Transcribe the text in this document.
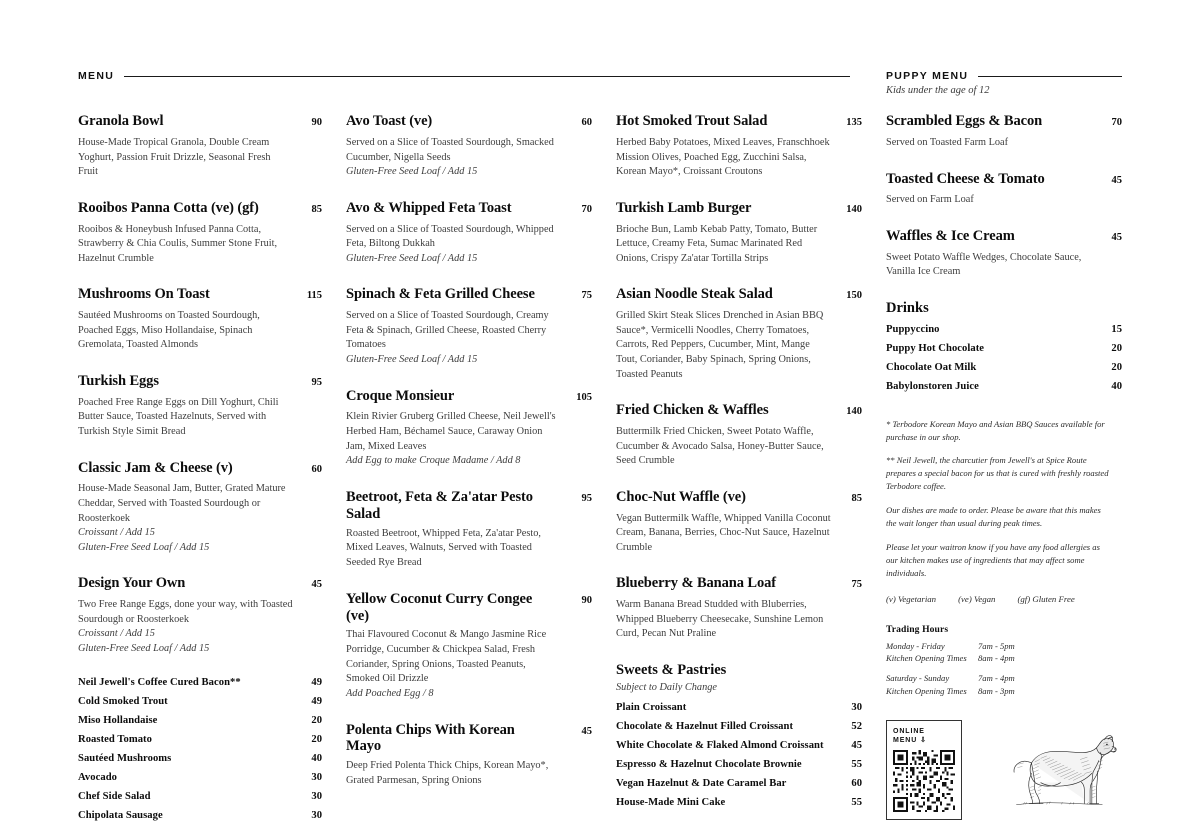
MENU	PUPPY MENU
Kids under the age of 12
Granola Bowl	90
House-Made Tropical Granola, Double Cream Yoghurt, Passion Fruit Drizzle, Seasonal Fresh Fruit
Rooibos Panna Cotta (ve) (gf)	85
Rooibos & Honeybush Infused Panna Cotta, Strawberry & Chia Coulis, Summer Stone Fruit, Hazelnut Crumble
Mushrooms On Toast	115
Sautéed Mushrooms on Toasted Sourdough, Poached Eggs, Miso Hollandaise, Spinach Gremolata, Toasted Almonds
Turkish Eggs	95
Poached Free Range Eggs on Dill Yoghurt, Chili Butter Sauce, Toasted Hazelnuts, Served with Turkish Style Simit Bread
Classic Jam & Cheese (v)	60
House-Made Seasonal Jam, Butter, Grated Mature Cheddar, Served with Toasted Sourdough or Roosterkoek
Croissant / Add 15
Gluten-Free Seed Loaf / Add 15
Design Your Own	45
Two Free Range Eggs, done your way, with Toasted Sourdough or Roosterkoek
Croissant / Add 15
Gluten-Free Seed Loaf / Add 15
Neil Jewell's Coffee Cured Bacon**	49
Cold Smoked Trout	49
Miso Hollandaise	20
Roasted Tomato	20
Sautéed Mushrooms	40
Avocado	30
Chef Side Salad	30
Chipolata Sausage	30
Avo Toast (ve)	60
Served on a Slice of Toasted Sourdough, Smacked Cucumber, Nigella Seeds
Gluten-Free Seed Loaf / Add 15
Avo & Whipped Feta Toast	70
Served on a Slice of Toasted Sourdough, Whipped Feta, Biltong Dukkah
Gluten-Free Seed Loaf / Add 15
Spinach & Feta Grilled Cheese	75
Served on a Slice of Toasted Sourdough, Creamy Feta & Spinach, Grilled Cheese, Roasted Cherry Tomatoes
Gluten-Free Seed Loaf / Add 15
Croque Monsieur	105
Klein Rivier Gruberg Grilled Cheese, Neil Jewell's Herbed Ham, Béchamel Sauce, Caraway Onion Jam, Mixed Leaves
Add Egg to make Croque Madame / Add 8
Beetroot, Feta & Za'atar Pesto Salad
95
Roasted Beetroot, Whipped Feta, Za'atar Pesto, Mixed Leaves, Walnuts, Served with Toasted Seeded Rye Bread
Yellow Coconut Curry Congee (ve)
90
Thai Flavoured Coconut & Mango Jasmine Rice Porridge, Cucumber & Chickpea Salad, Fresh Coriander, Spring Onions, Toasted Peanuts, Smoked Oil Drizzle
Add Poached Egg / 8
Polenta Chips With Korean Mayo
45
Deep Fried Polenta Thick Chips, Korean Mayo*, Grated Parmesan, Spring Onions
Hot Smoked Trout Salad	135
Herbed Baby Potatoes, Mixed Leaves, Franschhoek Mission Olives, Poached Egg, Zucchini Salsa, Korean Mayo*, Croissant Croutons
Turkish Lamb Burger	140
Brioche Bun, Lamb Kebab Patty, Tomato, Butter Lettuce, Creamy Feta, Sumac Marinated Red Onions, Crispy Za'atar Tortilla Strips
Asian Noodle Steak Salad	150
Grilled Skirt Steak Slices Drenched in Asian BBQ Sauce*, Vermicelli Noodles, Cherry Tomatoes, Carrots, Red Peppers, Cucumber, Mint, Mange Tout, Coriander, Baby Spinach, Spring Onions, Toasted Peanuts
Fried Chicken & Waffles	140
Buttermilk Fried Chicken, Sweet Potato Waffle, Cucumber & Avocado Salsa, Honey-Butter Sauce, Seed Crumble
Choc-Nut Waffle (ve)	85
Vegan Buttermilk Waffle, Whipped Vanilla Coconut Cream, Banana, Berries, Choc-Nut Sauce, Hazelnut Crumble
Blueberry & Banana Loaf	75
Warm Banana Bread Studded with Bluberries, Whipped Blueberry Cheesecake, Sunshine Lemon Curd, Pecan Nut Praline
Sweets & Pastries
Subject to Daily Change
Plain Croissant	30
Chocolate & Hazelnut Filled Croissant	52
White Chocolate & Flaked Almond Croissant	45
Espresso & Hazelnut Chocolate Brownie	55
Vegan Hazelnut & Date Caramel Bar	60
House-Made Mini Cake	55
Scrambled Eggs & Bacon	70
Served on Toasted Farm Loaf
Toasted Cheese & Tomato	45
Served on Farm Loaf
Waffles & Ice Cream	45
Sweet Potato Waffle Wedges, Chocolate Sauce, Vanilla Ice Cream
Drinks
Puppyccino	15
Puppy Hot Chocolate	20
Chocolate Oat Milk	20
Babylonstoren Juice	40
* Terbodore Korean Mayo and Asian BBQ Sauces available for purchase in our shop.
** Neil Jewell, the charcutier from Jewell's at Spice Route prepares a special bacon for us that is cured with freshly roasted Terbodore coffee.
Our dishes are made to order. Please be aware that this makes the wait longer than usual during peak times.
Please let your waitron know if you have any food allergies as our kitchen makes use of ingredients that may affect some individuals.
(v) Vegetarian	(ve) Vegan	(gf) Gluten Free
Trading Hours
Monday - Friday	7am - 5pm
Kitchen Opening Times	8am - 4pm
Saturday - Sunday	7am - 4pm
Kitchen Opening Times	8am - 3pm
ONLINE
MENU ⇩
